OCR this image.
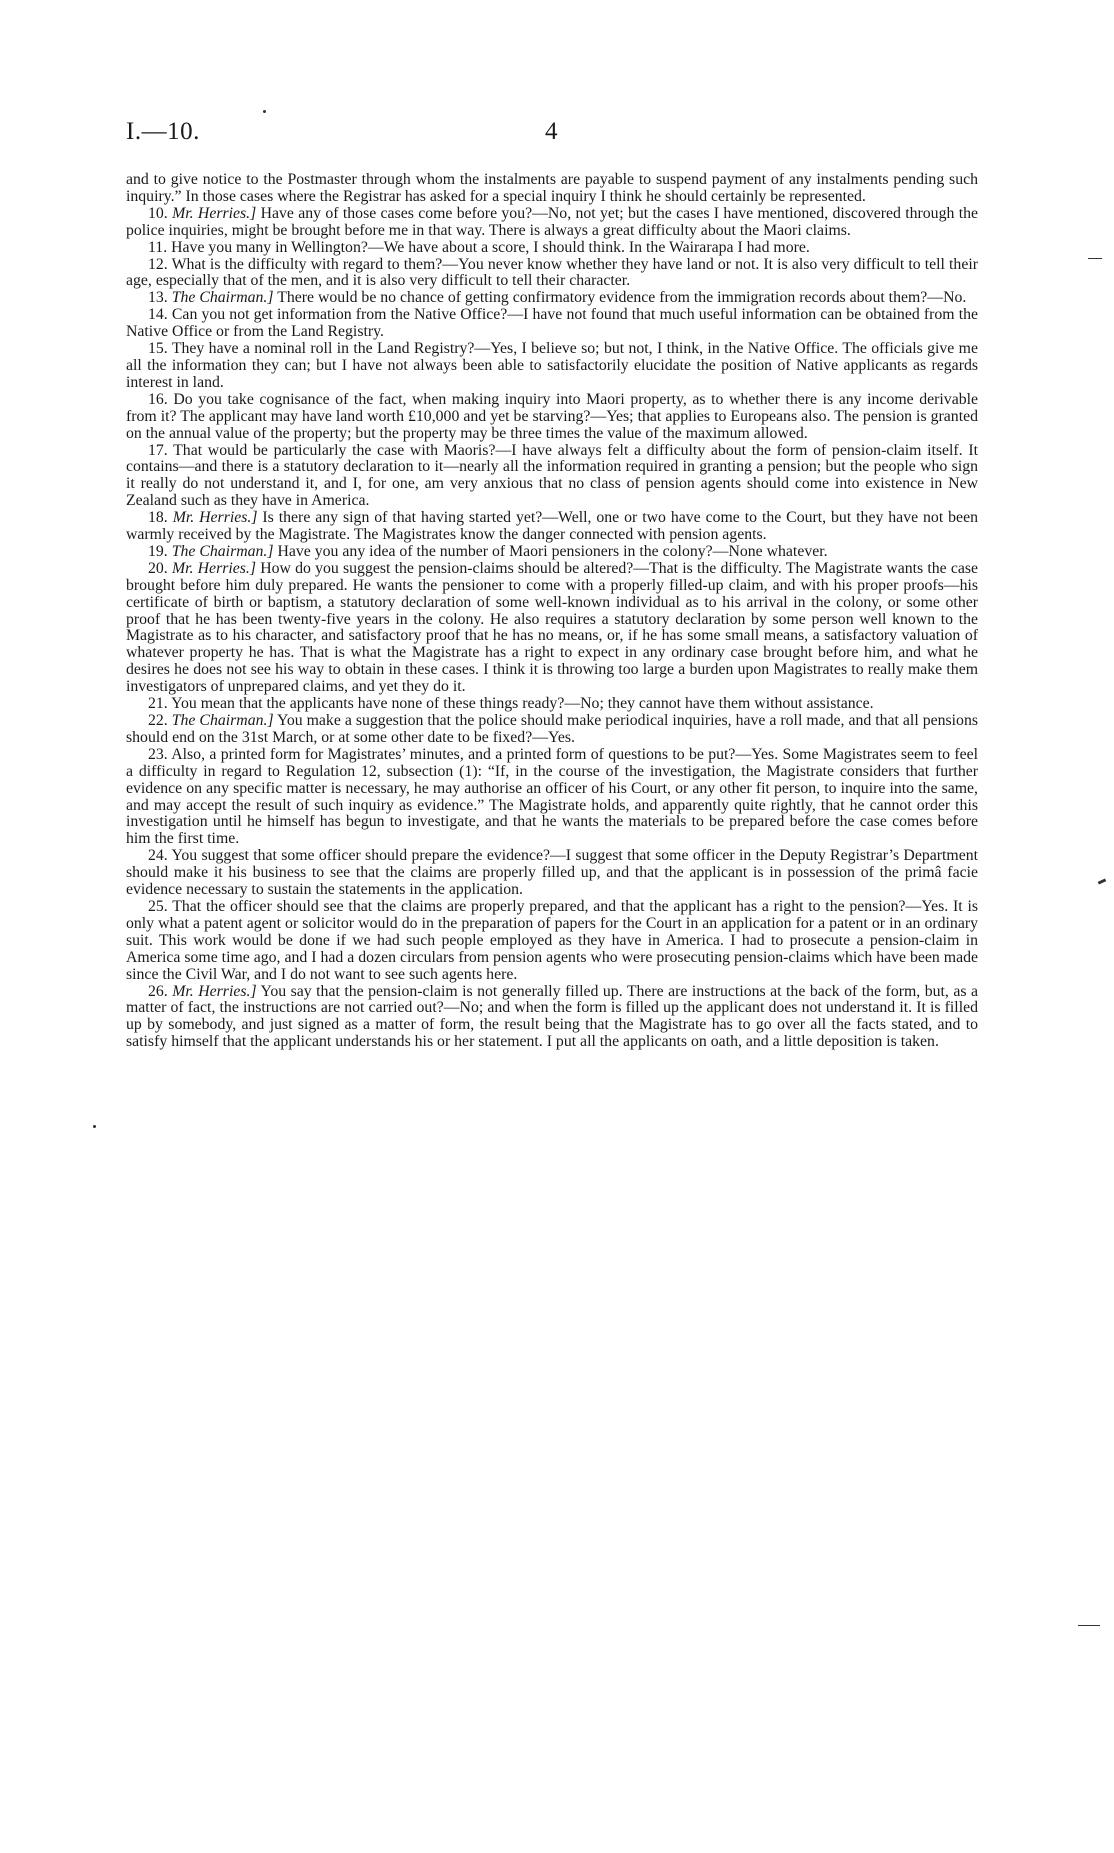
I.—10.	4

and to give notice to the Postmaster through whom the instalments are payable to suspend payment of any instalments pending such inquiry.” In those cases where the Registrar has asked for a special inquiry I think he should certainly be represented.

10. Mr. Herries.] Have any of those cases come before you?—No, not yet; but the cases I have mentioned, discovered through the police inquiries, might be brought before me in that way. There is always a great difficulty about the Maori claims.

11. Have you many in Wellington?—We have about a score, I should think. In the Wairarapa I had more.

12. What is the difficulty with regard to them?—You never know whether they have land or not. It is also very difficult to tell their age, especially that of the men, and it is also very difficult to tell their character.

13. The Chairman.] There would be no chance of getting confirmatory evidence from the immigration records about them?—No.

14. Can you not get information from the Native Office?—I have not found that much useful information can be obtained from the Native Office or from the Land Registry.

15. They have a nominal roll in the Land Registry?—Yes, I believe so; but not, I think, in the Native Office. The officials give me all the information they can; but I have not always been able to satisfactorily elucidate the position of Native applicants as regards interest in land.

16. Do you take cognisance of the fact, when making inquiry into Maori property, as to whether there is any income derivable from it? The applicant may have land worth £10,000 and yet be starving?—Yes; that applies to Europeans also. The pension is granted on the annual value of the property; but the property may be three times the value of the maximum allowed.

17. That would be particularly the case with Maoris?—I have always felt a difficulty about the form of pension-claim itself. It contains—and there is a statutory declaration to it—nearly all the information required in granting a pension; but the people who sign it really do not understand it, and I, for one, am very anxious that no class of pension agents should come into existence in New Zealand such as they have in America.

18. Mr. Herries.] Is there any sign of that having started yet?—Well, one or two have come to the Court, but they have not been warmly received by the Magistrate. The Magistrates know the danger connected with pension agents.

19. The Chairman.] Have you any idea of the number of Maori pensioners in the colony?—None whatever.

20. Mr. Herries.] How do you suggest the pension-claims should be altered?—That is the difficulty. The Magistrate wants the case brought before him duly prepared. He wants the pensioner to come with a properly filled-up claim, and with his proper proofs—his certificate of birth or baptism, a statutory declaration of some well-known individual as to his arrival in the colony, or some other proof that he has been twenty-five years in the colony. He also requires a statutory declaration by some person well known to the Magistrate as to his character, and satisfactory proof that he has no means, or, if he has some small means, a satisfactory valuation of whatever property he has. That is what the Magistrate has a right to expect in any ordinary case brought before him, and what he desires he does not see his way to obtain in these cases. I think it is throwing too large a burden upon Magistrates to really make them investigators of unprepared claims, and yet they do it.

21. You mean that the applicants have none of these things ready?—No; they cannot have them without assistance.

22. The Chairman.] You make a suggestion that the police should make periodical inquiries, have a roll made, and that all pensions should end on the 31st March, or at some other date to be fixed?—Yes.

23. Also, a printed form for Magistrates’ minutes, and a printed form of questions to be put?—Yes. Some Magistrates seem to feel a difficulty in regard to Regulation 12, subsection (1): “If, in the course of the investigation, the Magistrate considers that further evidence on any specific matter is necessary, he may authorise an officer of his Court, or any other fit person, to inquire into the same, and may accept the result of such inquiry as evidence.” The Magistrate holds, and apparently quite rightly, that he cannot order this investigation until he himself has begun to investigate, and that he wants the materials to be prepared before the case comes before him the first time.

24. You suggest that some officer should prepare the evidence?—I suggest that some officer in the Deputy Registrar’s Department should make it his business to see that the claims are properly filled up, and that the applicant is in possession of the primâ facie evidence necessary to sustain the statements in the application.

25. That the officer should see that the claims are properly prepared, and that the applicant has a right to the pension?—Yes. It is only what a patent agent or solicitor would do in the preparation of papers for the Court in an application for a patent or in an ordinary suit. This work would be done if we had such people employed as they have in America. I had to prosecute a pension-claim in America some time ago, and I had a dozen circulars from pension agents who were prosecuting pension-claims which have been made since the Civil War, and I do not want to see such agents here.

26. Mr. Herries.] You say that the pension-claim is not generally filled up. There are instructions at the back of the form, but, as a matter of fact, the instructions are not carried out?—No; and when the form is filled up the applicant does not understand it. It is filled up by somebody, and just signed as a matter of form, the result being that the Magistrate has to go over all the facts stated, and to satisfy himself that the applicant understands his or her statement. I put all the applicants on oath, and a little deposition is taken.
